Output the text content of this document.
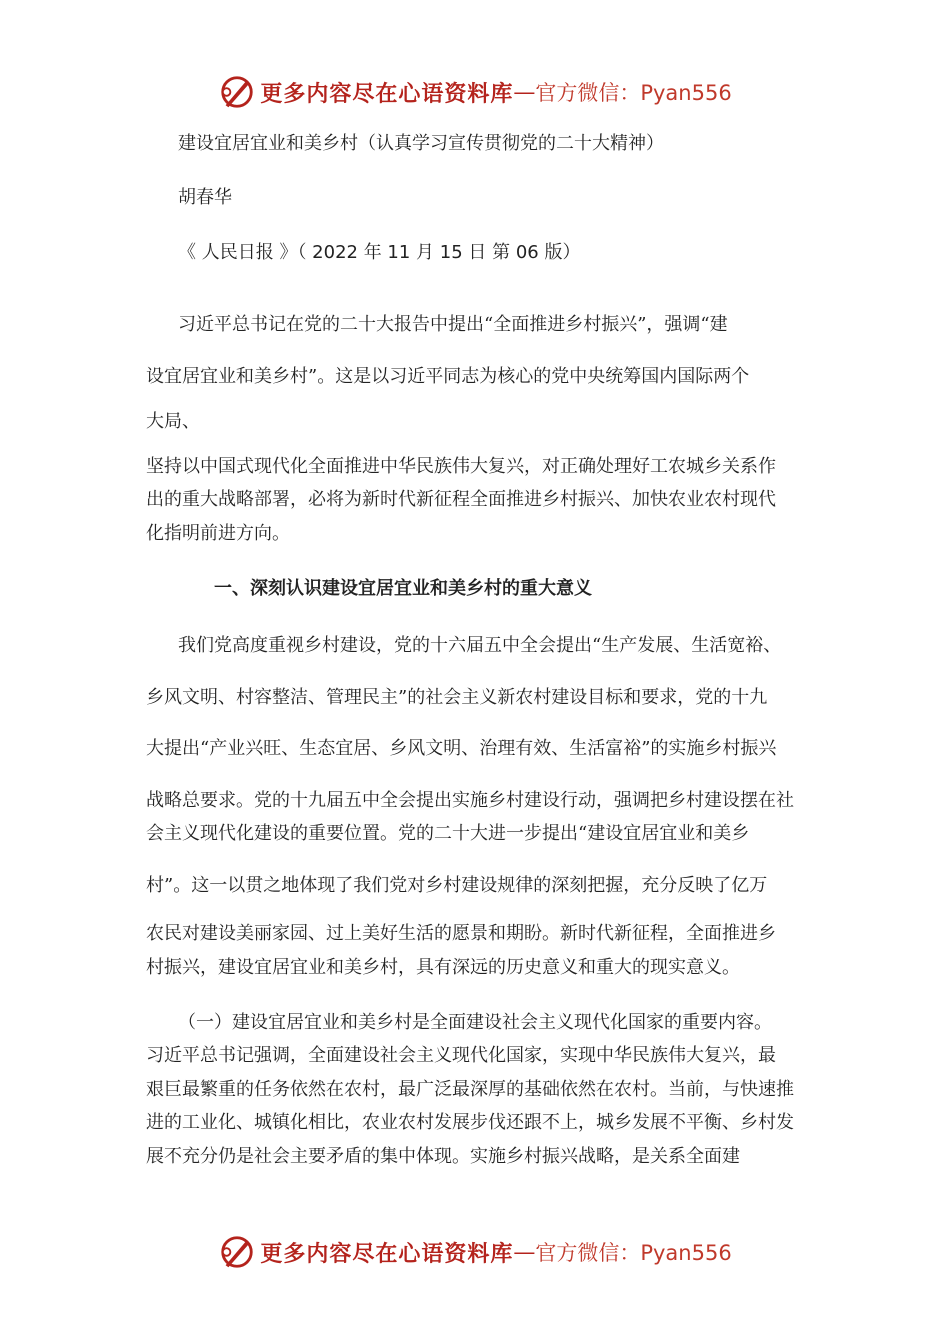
更多内容尽在心语资料库 — 官方微信：Pyan556
建设宜居宜业和美乡村（认真学习宣传贯彻党的二十大精神）
胡春华
《 人民日报 》（ 2022 年 11 月 15 日 第 06 版）
习近平总书记在党的二十大报告中提出“全面推进乡村振兴”，强调“建
设宜居宜业和美乡村”。这是以习近平同志为核心的党中央统筹国内国际两个
大局、
坚持以中国式现代化全面推进中华民族伟大复兴，对正确处理好工农城乡关系作
出的重大战略部署，必将为新时代新征程全面推进乡村振兴、加快农业农村现代
化指明前进方向。
一、深刻认识建设宜居宜业和美乡村的重大意义
我们党高度重视乡村建设，党的十六届五中全会提出“生产发展、生活宽裕、
乡风文明、村容整洁、管理民主”的社会主义新农村建设目标和要求，党的十九
大提出“产业兴旺、生态宜居、乡风文明、治理有效、生活富裕”的实施乡村振兴
战略总要求。党的十九届五中全会提出实施乡村建设行动，强调把乡村建设摆在社
会主义现代化建设的重要位置。党的二十大进一步提出“建设宜居宜业和美乡
村”。这一以贯之地体现了我们党对乡村建设规律的深刻把握，充分反映了亿万
农民对建设美丽家园、过上美好生活的愿景和期盼。新时代新征程，全面推进乡
村振兴，建设宜居宜业和美乡村，具有深远的历史意义和重大的现实意义。
（一）建设宜居宜业和美乡村是全面建设社会主义现代化国家的重要内容。
习近平总书记强调，全面建设社会主义现代化国家，实现中华民族伟大复兴，最
艰巨最繁重的任务依然在农村，最广泛最深厚的基础依然在农村。当前，与快速推
进的工业化、城镇化相比，农业农村发展步伐还跟不上，城乡发展不平衡、乡村发
展不充分仍是社会主要矛盾的集中体现。实施乡村振兴战略，是关系全面建
更多内容尽在心语资料库 — 官方微信：Pyan556
